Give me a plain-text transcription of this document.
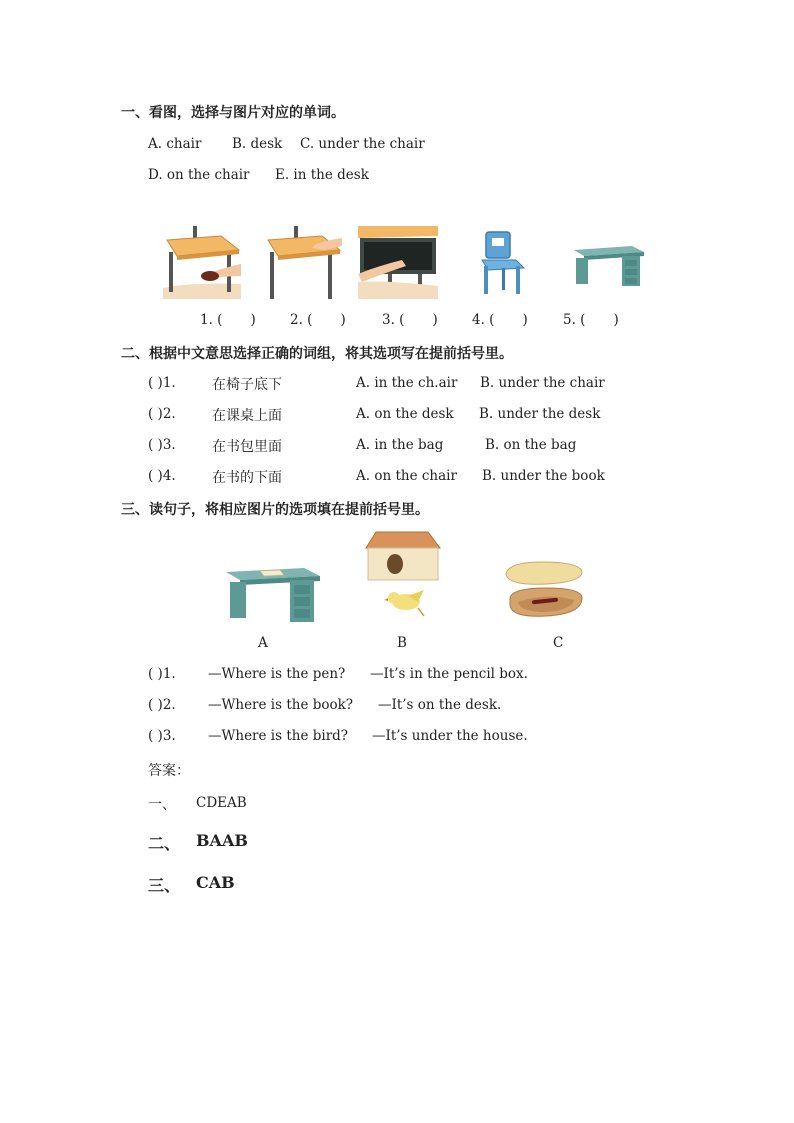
一、看图，选择与图片对应的单词。
A. chair B. desk C. under the chair
D. on the chair E. in the desk
1. ( )	2. ( )	3. ( )	4. ( )	5. ( )
二、根据中文意思选择正确的词组，将其选项写在提前括号里。
( )1.	在椅子底下	A. in the ch.air B. under the chair
( )2.	在课桌上面	A. on the desk B. under the desk
( )3.	在书包里面	A. in the bag	B. on the bag
( )4.	在书的下面	A. on the chair B. under the book
三、读句子，将相应图片的选项填在提前括号里。
A	B	C
( )1. —Where is the pen? —It’s in the pencil box.
( )2. —Where is the book? —It’s on the desk.
( )3. —Where is the bird? —It’s under the house.
答案：
一、 CDEAB
二、 BAAB
三、 CAB
